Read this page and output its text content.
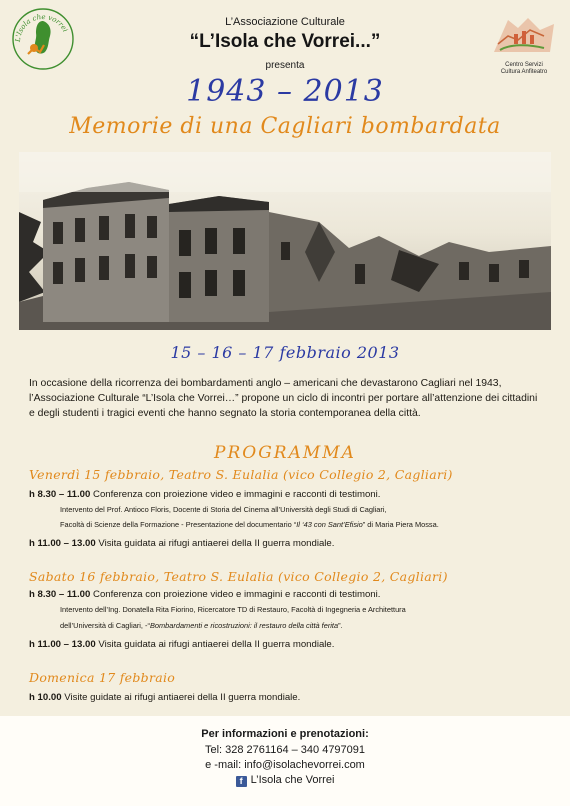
L'Isola che vorrei
Centro Servizi
Cultura Anfiteatro
L’Associazione Culturale
“L’Isola che Vorrei...”
presenta
1943 – 2013
Memorie di una Cagliari bombardata
15 – 16 – 17 febbraio 2013
In occasione della ricorrenza dei bombardamenti anglo – americani che devastarono Cagliari nel 1943, l’Associazione Culturale “L’Isola che Vorrei…” propone un ciclo di incontri per portare all’attenzione dei cittadini e degli studenti i tragici eventi che hanno segnato la storia contemporanea della città.
PROGRAMMA
Venerdì 15 febbraio, Teatro S. Eulalia (vico Collegio 2, Cagliari)
h 8.30 – 11.00 Conferenza con proiezione video e immagini e racconti di testimoni.
Intervento del Prof. Antioco Floris, Docente di Storia del Cinema all’Università degli Studi di Cagliari,
Facoltà di Scienze della Formazione - Presentazione del documentario “Il ‘43 con Sant’Efisio” di Maria Piera Mossa.
h 11.00 – 13.00 Visita guidata ai rifugi antiaerei della II guerra mondiale.
Sabato 16 febbraio, Teatro S. Eulalia (vico Collegio 2, Cagliari)
h 8.30 – 11.00 Conferenza con proiezione video e immagini e racconti di testimoni.
Intervento dell’Ing. Donatella Rita Fiorino, Ricercatore TD di Restauro, Facoltà di Ingegneria e Architettura
dell’Università di Cagliari, -“Bombardamenti e ricostruzioni: il restauro della città ferita”.
h 11.00 – 13.00 Visita guidata ai rifugi antiaerei della II guerra mondiale.
Domenica 17 febbraio
h 10.00 Visite guidate ai rifugi antiaerei della II guerra mondiale.
Per informazioni e prenotazioni:
Tel: 328 2761164 – 340 4797091
e -mail: info@isolachevorrei.com
f L’Isola che Vorrei
